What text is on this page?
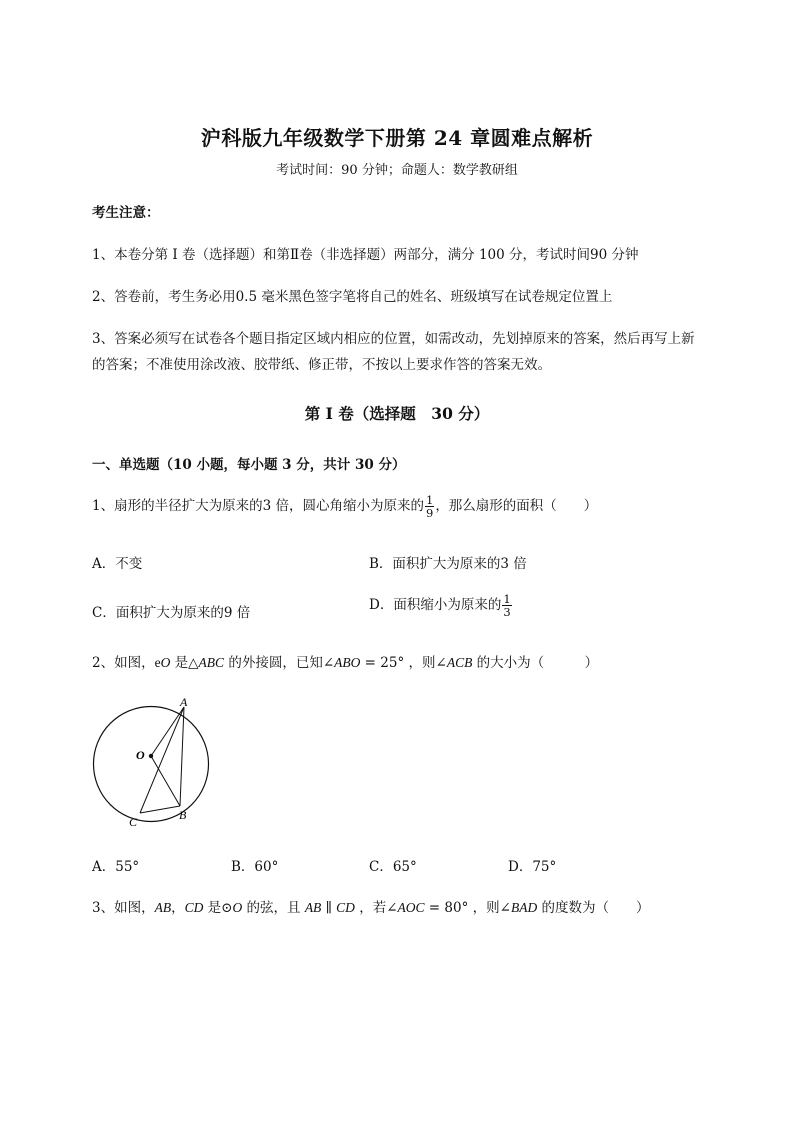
沪科版九年级数学下册第 24 章圆难点解析
考试时间：90 分钟；命题人：数学教研组
考生注意：
1、本卷分第 I 卷（选择题）和第Ⅱ卷（非选择题）两部分，满分 100 分，考试时间90 分钟
2、答卷前，考生务必用0.5 毫米黑色签字笔将自己的姓名、班级填写在试卷规定位置上
3、答案必须写在试卷各个题目指定区域内相应的位置，如需改动，先划掉原来的答案，然后再写上新
的答案；不准使用涂改液、胶带纸、修正带，不按以上要求作答的答案无效。
第 I 卷（选择题　30 分）
一、单选题（10 小题，每小题 3 分，共计 30 分）
1、扇形的半径扩大为原来的3 倍，圆心角缩小为原来的 $\frac{1}{9}$ ，那么扇形的面积（　　）
A．不变	B．面积扩大为原来的3 倍
C．面积扩大为原来的9 倍	D．面积缩小为原来的 $\frac{1}{3}$
2、如图，eO 是△ABC 的外接圆，已知∠ABO = 25° ，则∠ACB 的大小为（　　　）
A
B
C
O
A．55°	B．60°	C．65°	D．75°
3、如图，AB，CD 是⊙O 的弦，且 AB ∥ CD ，若∠AOC = 80° ，则∠BAD 的度数为（　　）
